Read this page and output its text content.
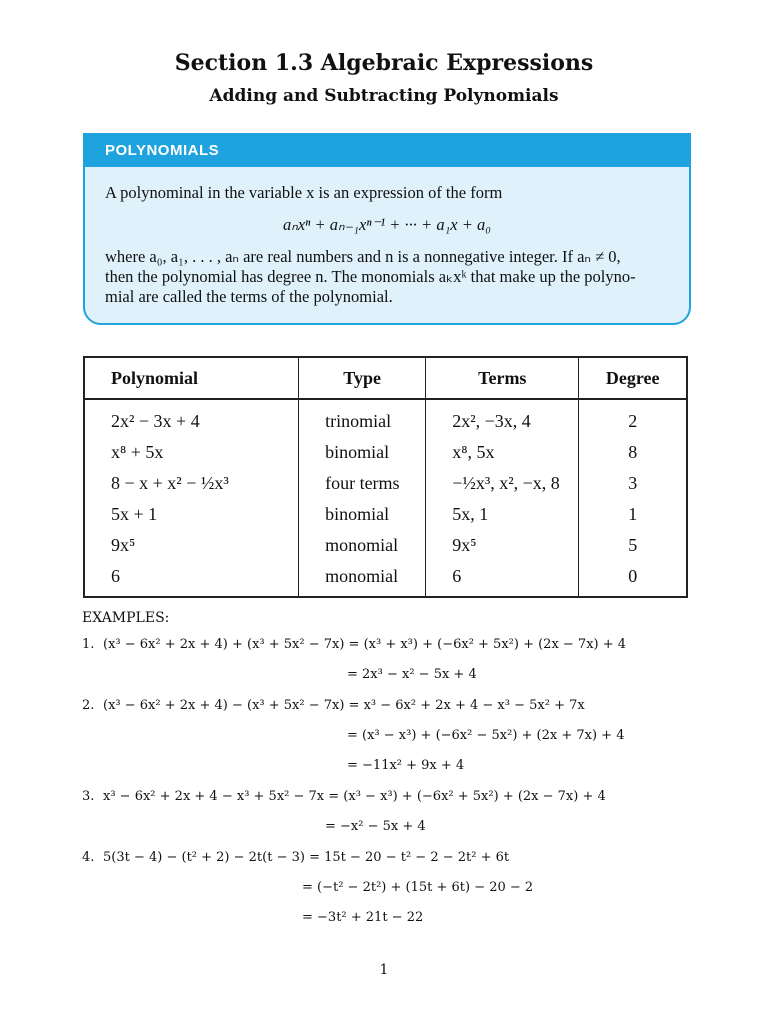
Section 1.3 Algebraic Expressions
Adding and Subtracting Polynomials
POLYNOMIALS
A polynominal in the variable x is an expression of the form
aₙxⁿ + aₙ₋₁xⁿ⁻¹ + ··· + a₁x + a₀

where a₀, a₁, . . . , aₙ are real numbers and n is a nonnegative integer. If aₙ ≠ 0,

then the polynomial has degree n. The monomials aₖxᵏ that make up the polyno-

mial are called the terms of the polynomial.

Polynomial	Type	Terms	Degree
2x² − 3x + 4	trinomial	2x², −3x, 4	2
x⁸ + 5x	binomial	x⁸, 5x	8
8 − x + x² − ½x³	four terms	−½x³, x², −x, 8	3
5x + 1	binomial	5x, 1	1
9x⁵	monomial	9x⁵	5
6	monomial	6	0
EXAMPLES:
1. (x³ − 6x² + 2x + 4) + (x³ + 5x² − 7x) = (x³ + x³) + (−6x² + 5x²) + (2x − 7x) + 4
= 2x³ − x² − 5x + 4
2. (x³ − 6x² + 2x + 4) − (x³ + 5x² − 7x) = x³ − 6x² + 2x + 4 − x³ − 5x² + 7x
= (x³ − x³) + (−6x² − 5x²) + (2x + 7x) + 4
= −11x² + 9x + 4
3. x³ − 6x² + 2x + 4 − x³ + 5x² − 7x = (x³ − x³) + (−6x² + 5x²) + (2x − 7x) + 4
= −x² − 5x + 4
4. 5(3t − 4) − (t² + 2) − 2t(t − 3) = 15t − 20 − t² − 2 − 2t² + 6t
= (−t² − 2t²) + (15t + 6t) − 20 − 2
= −3t² + 21t − 22
1
